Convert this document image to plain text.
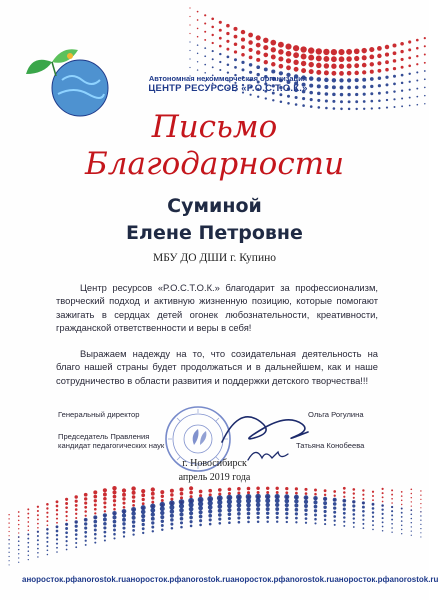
Автономная некоммерческая организация
ЦЕНТР РЕСУРСОВ «Р.О.С.Т.О.К.»
Письмо
Благодарности
Суминой
Елене Петровне
МБУ ДО ДШИ г. Купино
Центр ресурсов «Р.О.С.Т.О.К.» благодарит за профессионализм, творческий подход и активную жизненную позицию, которые помогают зажигать в сердцах детей огонек любознательности, креативности, гражданской ответственности и веры в себя!
Выражаем надежду на то, что созидательная деятельность на благо нашей страны будет продолжаться и в дальнейшем, как и наше сотрудничество в области развития и поддержки детского творчества!!!
Генеральный директор	Ольга Рогулина
Председатель Правления
кандидат педагогических наук	Татьяна Конобеева
г. Новосибирск
апрель 2019 года
анорocток.рф anorostok.ru анорocток.рф anorostok.ru анорocток.рф anorostok.ru анорocток.рф anorostok.ru
